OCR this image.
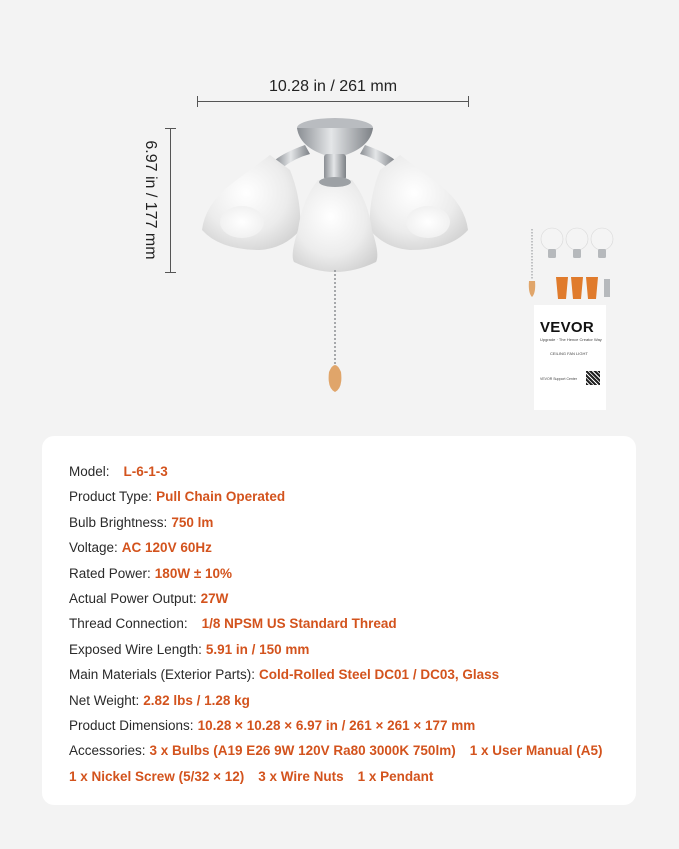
10.28 in / 261 mm
6.97 in / 177 mm
VEVOR
Upgrade · The Hence Creator Way
CEILING FAN LIGHT
VEVOR Support Center
Model: L-6-1-3
Product Type: Pull Chain Operated
Bulb Brightness: 750 lm
Voltage: AC 120V 60Hz
Rated Power: 180W ± 10%
Actual Power Output: 27W
Thread Connection: 1/8 NPSM US Standard Thread
Exposed Wire Length: 5.91 in / 150 mm
Main Materials (Exterior Parts): Cold-Rolled Steel DC01 / DC03, Glass
Net Weight: 2.82 lbs / 1.28 kg
Product Dimensions: 10.28 × 10.28 × 6.97 in / 261 × 261 × 177 mm
Accessories: 3 x Bulbs (A19 E26 9W 120V Ra80 3000K 750lm) 1 x User Manual (A5)
1 x Nickel Screw (5/32 × 12) 3 x Wire Nuts 1 x Pendant
